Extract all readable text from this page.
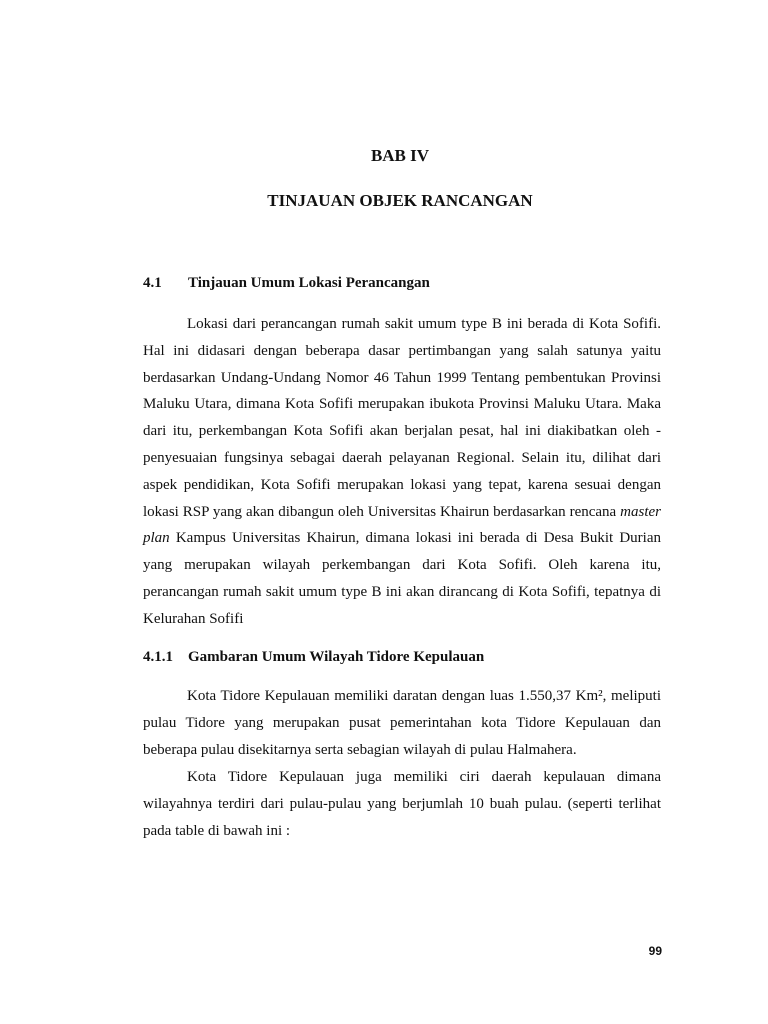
BAB IV
TINJAUAN OBJEK RANCANGAN
4.1 Tinjauan Umum Lokasi Perancangan
Lokasi dari perancangan rumah sakit umum type B ini berada di Kota Sofifi.
Hal ini didasari dengan beberapa dasar pertimbangan yang salah satunya yaitu
berdasarkan Undang-Undang Nomor 46 Tahun 1999 Tentang pembentukan Provinsi
Maluku Utara, dimana Kota Sofifi merupakan ibukota Provinsi Maluku Utara. Maka
dari itu, perkembangan Kota Sofifi akan berjalan pesat, hal ini diakibatkan oleh -
penyesuaian fungsinya sebagai daerah pelayanan Regional. Selain itu, dilihat dari
aspek pendidikan, Kota Sofifi merupakan lokasi yang tepat, karena sesuai dengan
lokasi RSP yang akan dibangun oleh Universitas Khairun berdasarkan rencana master
plan Kampus Universitas Khairun, dimana lokasi ini berada di Desa Bukit Durian
yang merupakan wilayah perkembangan dari Kota Sofifi. Oleh karena itu,
perancangan rumah sakit umum type B ini akan dirancang di Kota Sofifi, tepatnya di
Kelurahan Sofifi
4.1.1 Gambaran Umum Wilayah Tidore Kepulauan
Kota Tidore Kepulauan memiliki daratan dengan luas 1.550,37 Km², meliputi
pulau Tidore yang merupakan pusat pemerintahan kota Tidore Kepulauan dan
beberapa pulau disekitarnya serta sebagian wilayah di pulau Halmahera.
Kota Tidore Kepulauan juga memiliki ciri daerah kepulauan dimana
wilayahnya terdiri dari pulau-pulau yang berjumlah 10 buah pulau. (seperti terlihat
pada table di bawah ini :
99
